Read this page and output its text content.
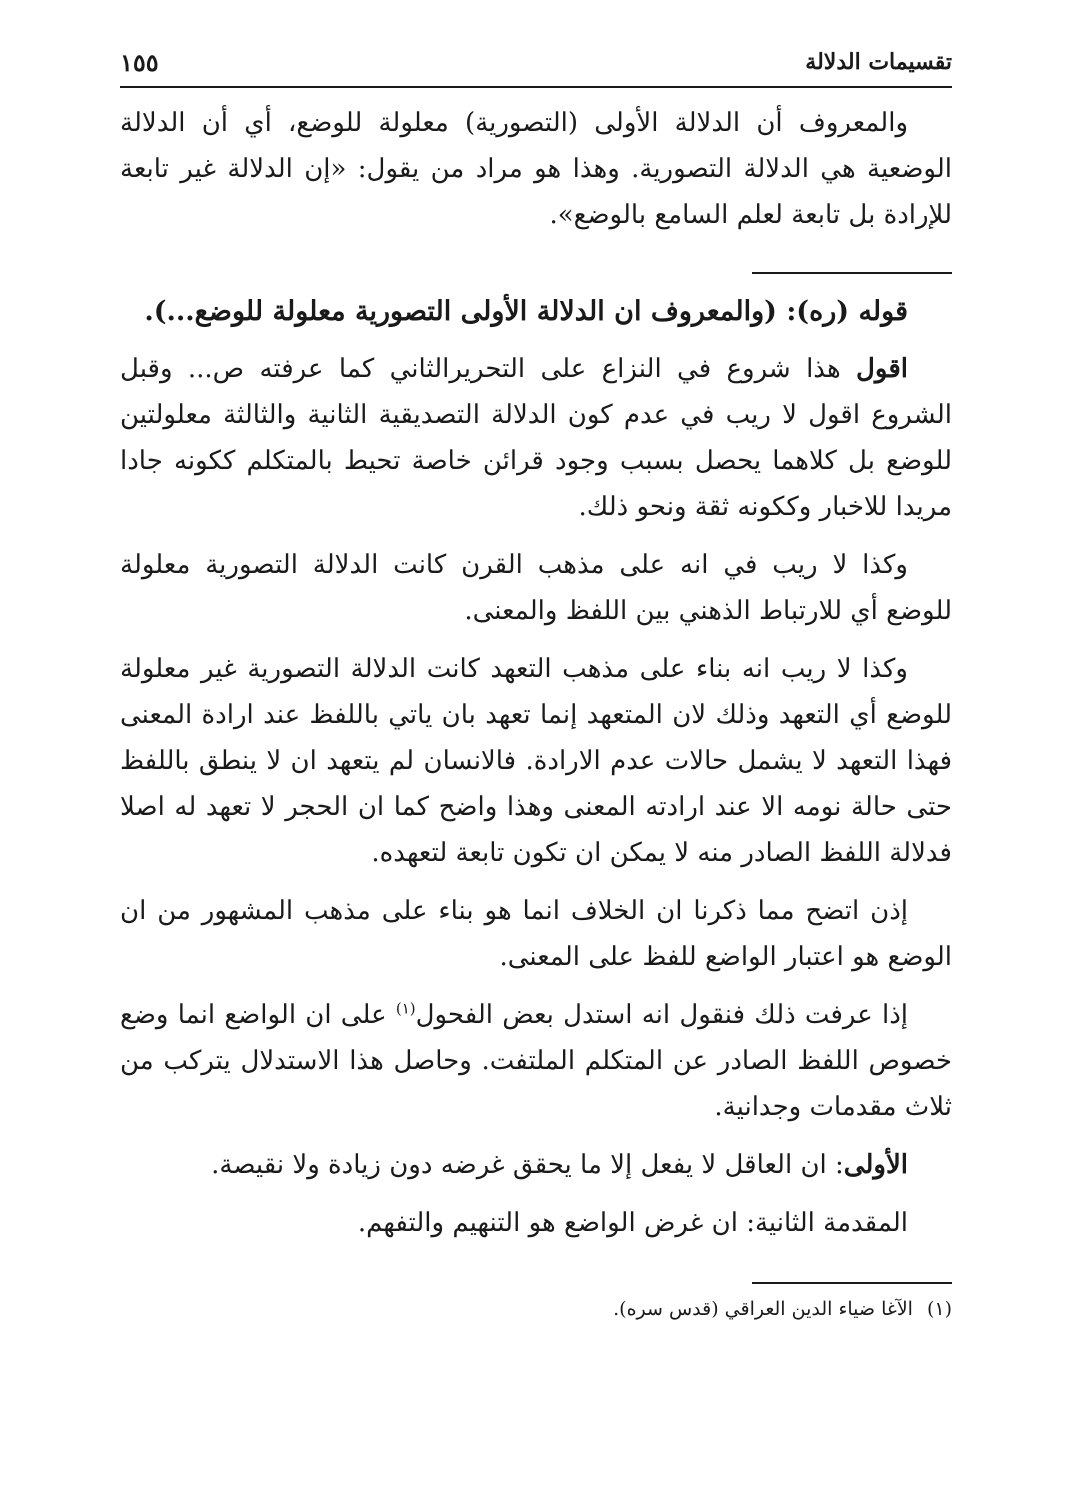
تقسيمات الدلالة
١٥٥

والمعروف أن الدلالة الأولى (التصورية) معلولة للوضع، أي أن الدلالة الوضعية هي الدلالة التصورية. وهذا هو مراد من يقول: «إن الدلالة غير تابعة للإرادة بل تابعة لعلم السامع بالوضع».

قوله (ره): (والمعروف ان الدلالة الأولى التصورية معلولة للوضع...).

اقول هذا شروع في النزاع على التحريرالثاني كما عرفته ص... وقبل الشروع اقول لا ريب في عدم كون الدلالة التصديقية الثانية والثالثة معلولتين للوضع بل كلاهما يحصل بسبب وجود قرائن خاصة تحيط بالمتكلم ككونه جادا مريدا للاخبار وككونه ثقة ونحو ذلك.

وكذا لا ريب في انه على مذهب القرن كانت الدلالة التصورية معلولة للوضع أي للارتباط الذهني بين اللفظ والمعنى.

وكذا لا ريب انه بناء على مذهب التعهد كانت الدلالة التصورية غير معلولة للوضع أي التعهد وذلك لان المتعهد إنما تعهد بان ياتي باللفظ عند ارادة المعنى فهذا التعهد لا يشمل حالات عدم الارادة. فالانسان لم يتعهد ان لا ينطق باللفظ حتى حالة نومه الا عند ارادته المعنى وهذا واضح كما ان الحجر لا تعهد له اصلا فدلالة اللفظ الصادر منه لا يمكن ان تكون تابعة لتعهده.

إذن اتضح مما ذكرنا ان الخلاف انما هو بناء على مذهب المشهور من ان الوضع هو اعتبار الواضع للفظ على المعنى.

إذا عرفت ذلك فنقول انه استدل بعض الفحول$^{(١)}$ على ان الواضع انما وضع خصوص اللفظ الصادر عن المتكلم الملتفت. وحاصل هذا الاستدلال يتركب من ثلاث مقدمات وجدانية.

الأولى: ان العاقل لا يفعل إلا ما يحقق غرضه دون زيادة ولا نقيصة.

المقدمة الثانية: ان غرض الواضع هو التنهيم والتفهم.

(١)الآغا ضياء الدين العراقي (قدس سره).
